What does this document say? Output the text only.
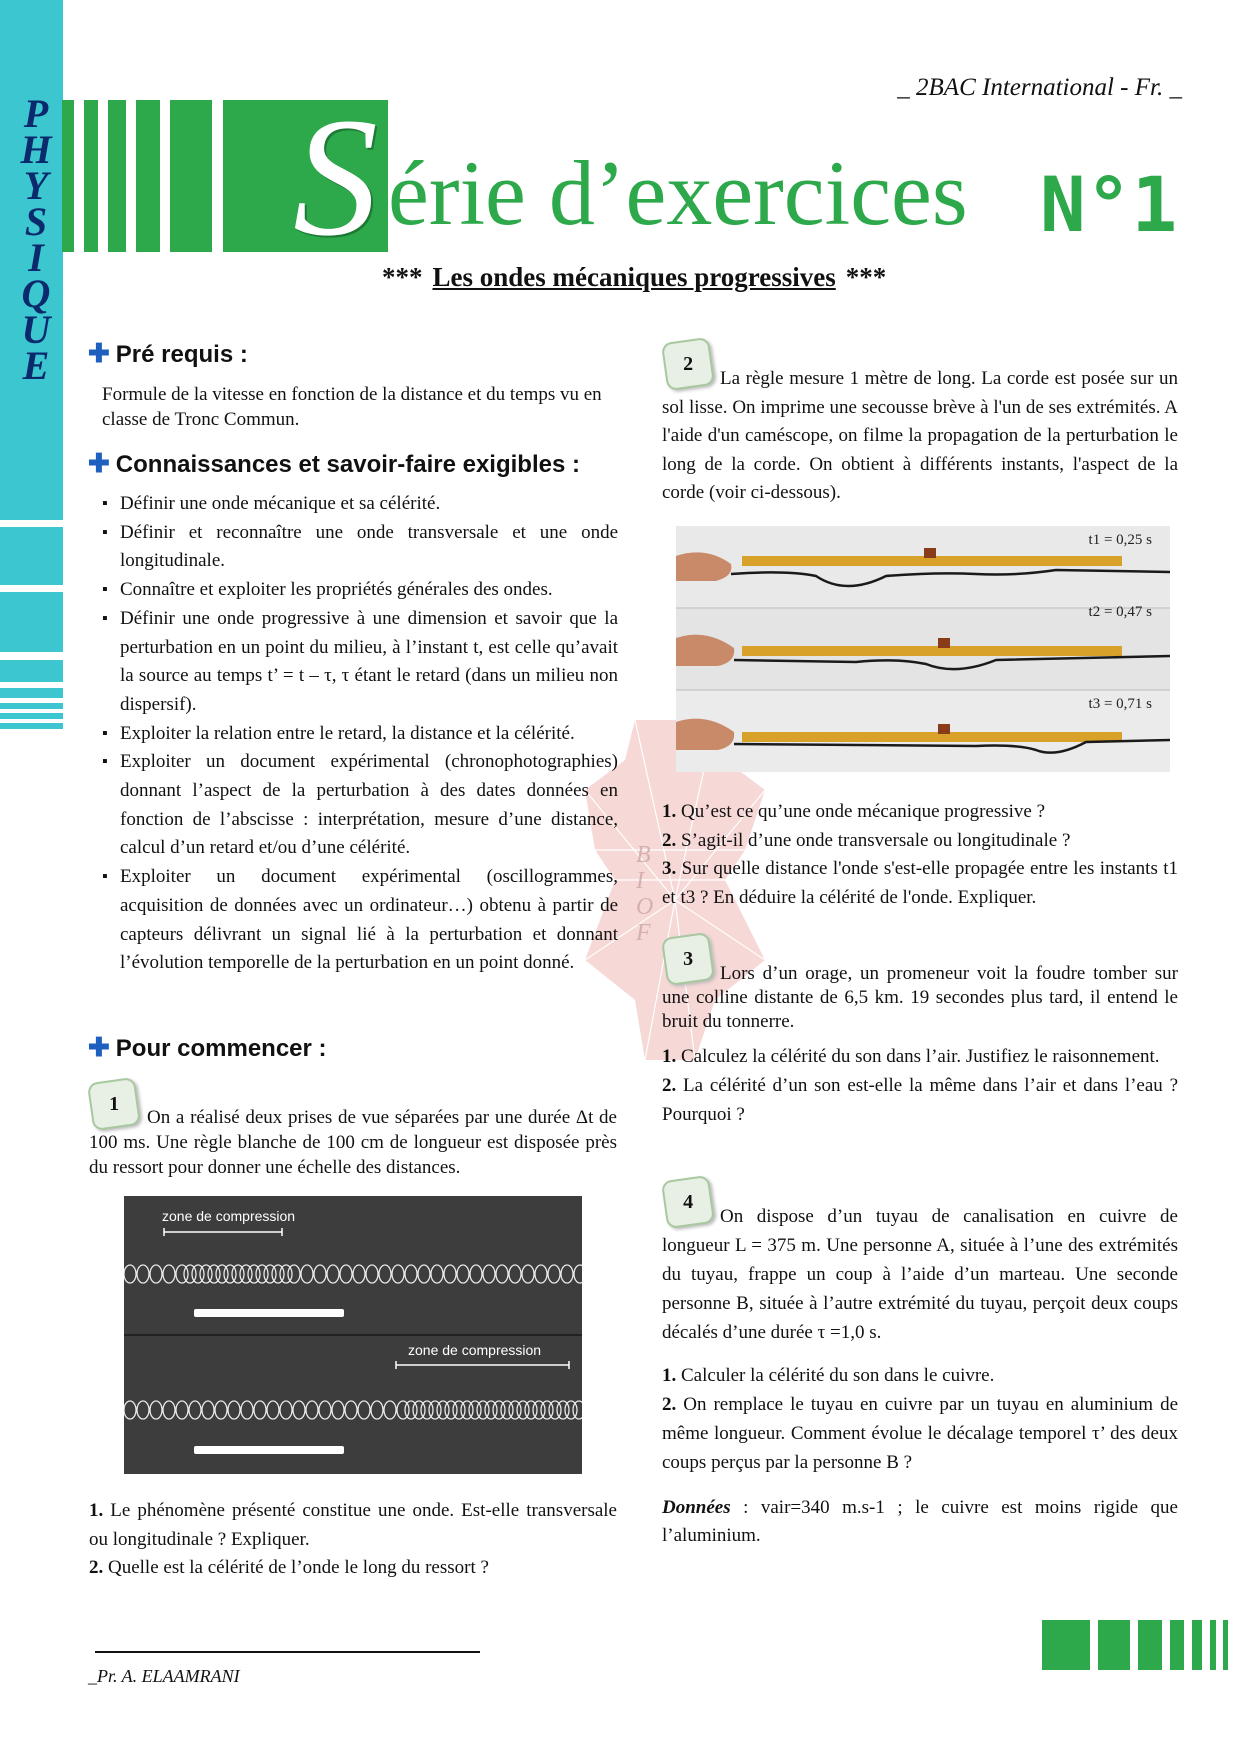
P
H
Y
S
I
Q
U
E
_ 2BAC International - Fr. _
S érie d’exercices N°1
*** Les ondes mécaniques progressives ***
B
I
O
F
✚ Pré requis :
Formule de la vitesse en fonction de la distance et du temps vu en classe de Tronc Commun.
✚ Connaissances et savoir-faire exigibles :
▪ Définir une onde mécanique et sa célérité.
▪ Définir et reconnaître une onde transversale et une onde longitudinale.
▪ Connaître et exploiter les propriétés générales des ondes.
▪ Définir une onde progressive à une dimension et savoir que la perturbation en un point du milieu, à l’instant t, est celle qu’avait la source au temps t’ = t – τ, τ étant le retard (dans un milieu non dispersif).
▪ Exploiter la relation entre le retard, la distance et la célérité.
▪ Exploiter un document expérimental (chronophotographies) donnant l’aspect de la perturbation à des dates données en fonction de l’abscisse : interprétation, mesure d’une distance, calcul d’un retard et/ou d’une célérité.
▪ Exploiter un document expérimental (oscillogrammes, acquisition de données avec un ordinateur…) obtenu à partir de capteurs délivrant un signal lié à la perturbation et donnant l’évolution temporelle de la perturbation en un point donné.
✚ Pour commencer :
1
On a réalisé deux prises de vue séparées par une durée Δt de 100 ms. Une règle blanche de 100 cm de longueur est disposée près du ressort pour donner une échelle des distances.
zone de compression
zone de compression
1. Le phénomène présenté constitue une onde. Est-elle transversale ou longitudinale ? Expliquer.
2. Quelle est la célérité de l’onde le long du ressort ?
2
La règle mesure 1 mètre de long. La corde est posée sur un sol lisse. On imprime une secousse brève à l'un de ses extrémités. A l'aide d'un caméscope, on filme la propagation de la perturbation le long de la corde. On obtient à différents instants, l'aspect de la corde (voir ci-dessous).
t1 = 0,25 s
t2 = 0,47 s
t3 = 0,71 s
1. Qu’est ce qu’une onde mécanique progressive ?
2. S’agit-il d’une onde transversale ou longitudinale ?
3. Sur quelle distance l'onde s'est-elle propagée entre les instants t1 et t3 ? En déduire la célérité de l'onde. Expliquer.
3
Lors d’un orage, un promeneur voit la foudre tomber sur une colline distante de 6,5 km. 19 secondes plus tard, il entend le bruit du tonnerre.
1. Calculez la célérité du son dans l’air. Justifiez le raisonnement.
2. La célérité d’un son est-elle la même dans l’air et dans l’eau ? Pourquoi ?
4
On dispose d’un tuyau de canalisation en cuivre de longueur L = 375 m. Une personne A, située à l’une des extrémités du tuyau, frappe un coup à l’aide d’un marteau. Une seconde personne B, située à l’autre extrémité du tuyau, perçoit deux coups décalés d’une durée τ =1,0 s.
1. Calculer la célérité du son dans le cuivre.
2. On remplace le tuyau en cuivre par un tuyau en aluminium de même longueur. Comment évolue le décalage temporel τ’ des deux coups perçus par la personne B ?
Données : vair=340 m.s-1 ; le cuivre est moins rigide que l’aluminium.
_Pr. A. ELAAMRANI
